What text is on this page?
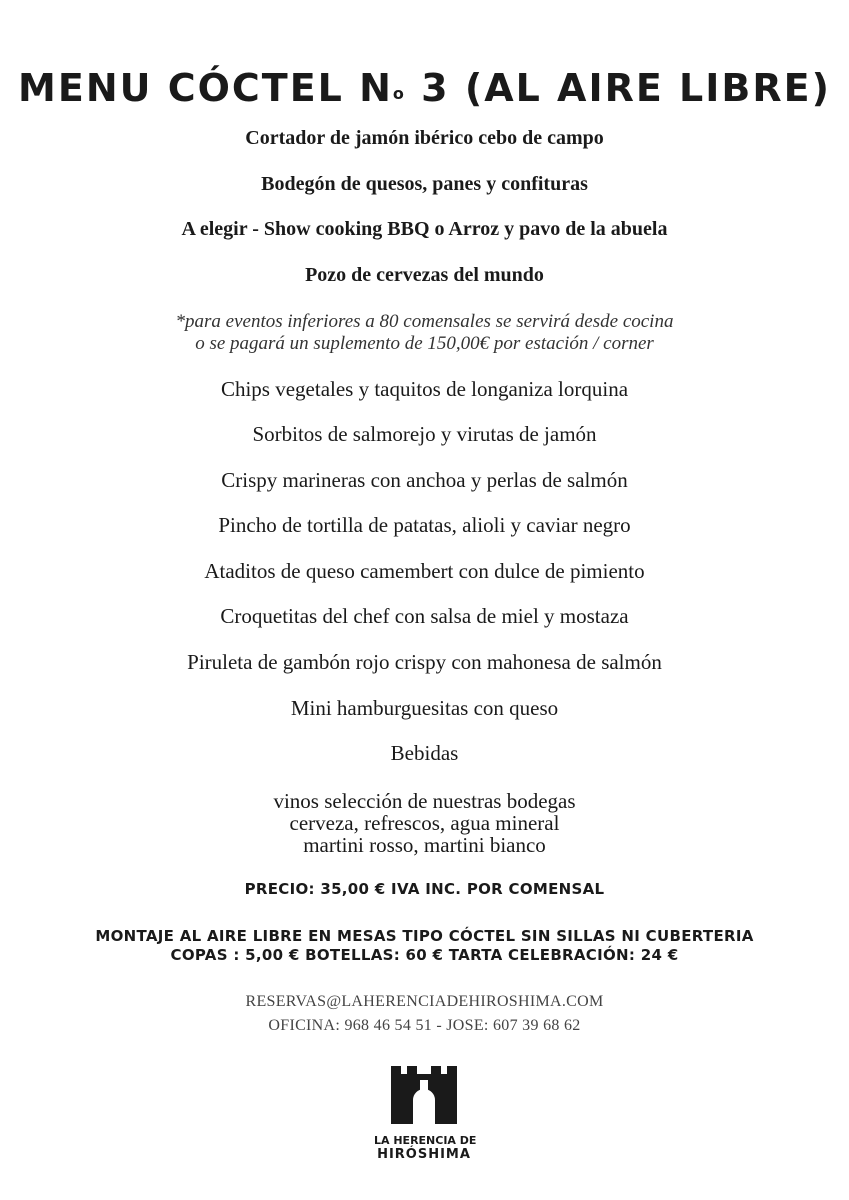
MENU CÓCTEL $N^o$ 3 (AL AIRE LIBRE)
Cortador de jamón ibérico cebo de campo
Bodegón de quesos, panes y confituras
A elegir - Show cooking BBQ o Arroz y pavo de la abuela
Pozo de cervezas del mundo
*para eventos inferiores a 80 comensales se servirá desde cocina
o se pagará un suplemento de 150,00€ por estación / corner
Chips vegetales y taquitos de longaniza lorquina
Sorbitos de salmorejo y virutas de jamón
Crispy marineras con anchoa y perlas de salmón
Pincho de tortilla de patatas, alioli y caviar negro
Ataditos de queso camembert con dulce de pimiento
Croquetitas del chef con salsa de miel y mostaza
Piruleta de gambón rojo crispy con mahonesa de salmón
Mini hamburguesitas con queso
Bebidas
vinos selección de nuestras bodegas
cerveza, refrescos, agua mineral
martini rosso, martini bianco
PRECIO: 35,00 € IVA INC. POR COMENSAL
MONTAJE AL AIRE LIBRE EN MESAS TIPO CÓCTEL SIN SILLAS NI CUBERTERIA
COPAS : 5,00 € BOTELLAS: 60 € TARTA CELEBRACIÓN: 24 €
RESERVAS@LAHERENCIADEHIROSHIMA.COM
OFICINA: 968 46 54 51 - JOSE: 607 39 68 62
LA HERENCIA DE
HIRÓSHIMA
